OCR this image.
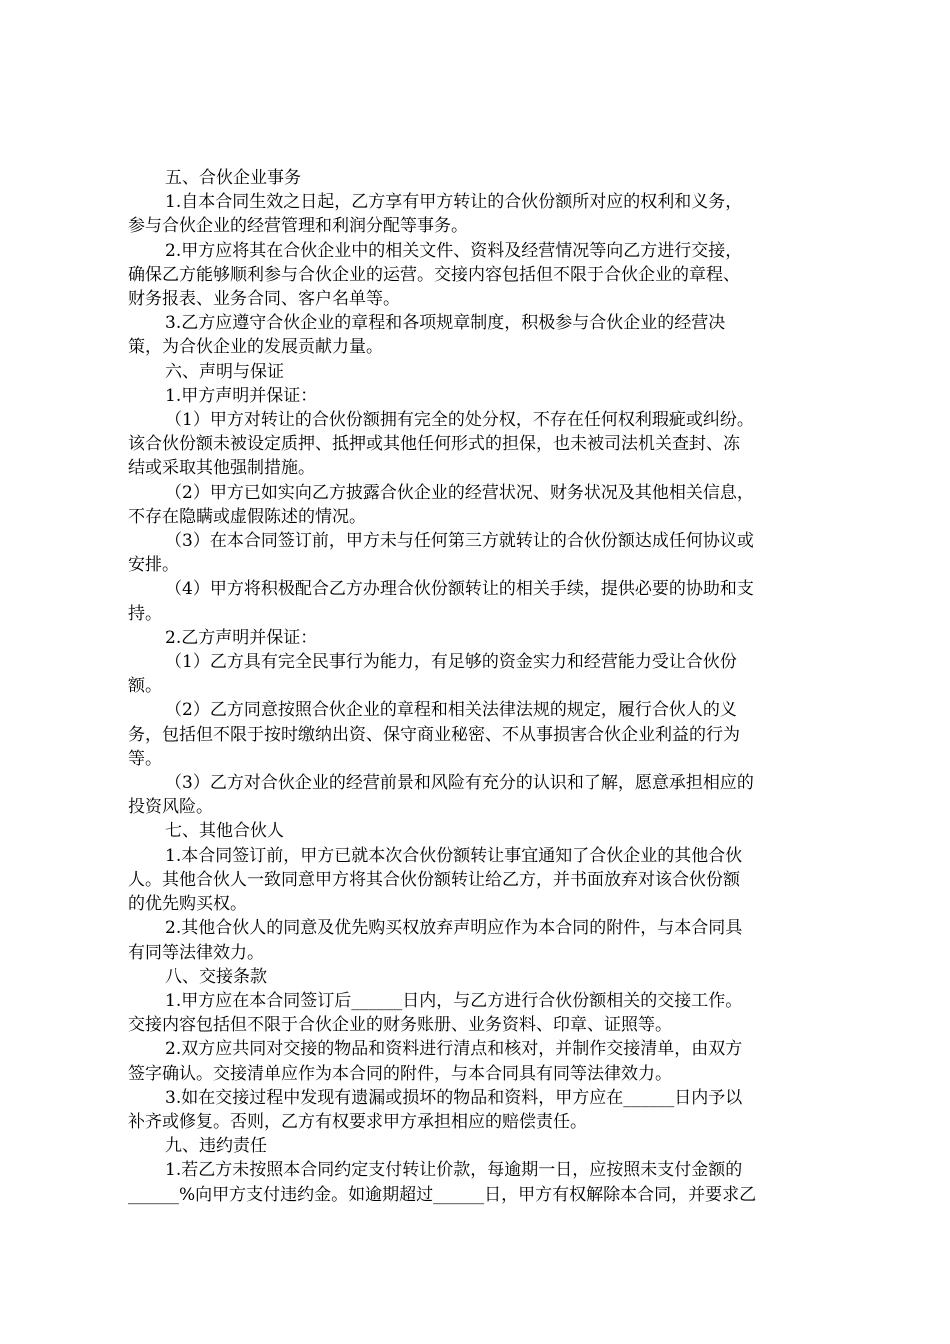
五、合伙企业事务
1.自本合同生效之日起，乙方享有甲方转让的合伙份额所对应的权利和义务，
参与合伙企业的经营管理和利润分配等事务。
2.甲方应将其在合伙企业中的相关文件、资料及经营情况等向乙方进行交接，
确保乙方能够顺利参与合伙企业的运营。交接内容包括但不限于合伙企业的章程、
财务报表、业务合同、客户名单等。
3.乙方应遵守合伙企业的章程和各项规章制度，积极参与合伙企业的经营决
策，为合伙企业的发展贡献力量。
六、声明与保证
1.甲方声明并保证：
（1）甲方对转让的合伙份额拥有完全的处分权，不存在任何权利瑕疵或纠纷。
该合伙份额未被设定质押、抵押或其他任何形式的担保，也未被司法机关查封、冻
结或采取其他强制措施。
（2）甲方已如实向乙方披露合伙企业的经营状况、财务状况及其他相关信息，
不存在隐瞒或虚假陈述的情况。
（3）在本合同签订前，甲方未与任何第三方就转让的合伙份额达成任何协议或
安排。
（4）甲方将积极配合乙方办理合伙份额转让的相关手续，提供必要的协助和支
持。
2.乙方声明并保证：
（1）乙方具有完全民事行为能力，有足够的资金实力和经营能力受让合伙份
额。
（2）乙方同意按照合伙企业的章程和相关法律法规的规定，履行合伙人的义
务，包括但不限于按时缴纳出资、保守商业秘密、不从事损害合伙企业利益的行为
等。
（3）乙方对合伙企业的经营前景和风险有充分的认识和了解，愿意承担相应的
投资风险。
七、其他合伙人
1.本合同签订前，甲方已就本次合伙份额转让事宜通知了合伙企业的其他合伙
人。其他合伙人一致同意甲方将其合伙份额转让给乙方，并书面放弃对该合伙份额
的优先购买权。
2.其他合伙人的同意及优先购买权放弃声明应作为本合同的附件，与本合同具
有同等法律效力。
八、交接条款
1.甲方应在本合同签订后______日内，与乙方进行合伙份额相关的交接工作。
交接内容包括但不限于合伙企业的财务账册、业务资料、印章、证照等。
2.双方应共同对交接的物品和资料进行清点和核对，并制作交接清单，由双方
签字确认。交接清单应作为本合同的附件，与本合同具有同等法律效力。
3.如在交接过程中发现有遗漏或损坏的物品和资料，甲方应在______日内予以
补齐或修复。否则，乙方有权要求甲方承担相应的赔偿责任。
九、违约责任
1.若乙方未按照本合同约定支付转让价款，每逾期一日，应按照未支付金额的
______%向甲方支付违约金。如逾期超过______日，甲方有权解除本合同，并要求乙
